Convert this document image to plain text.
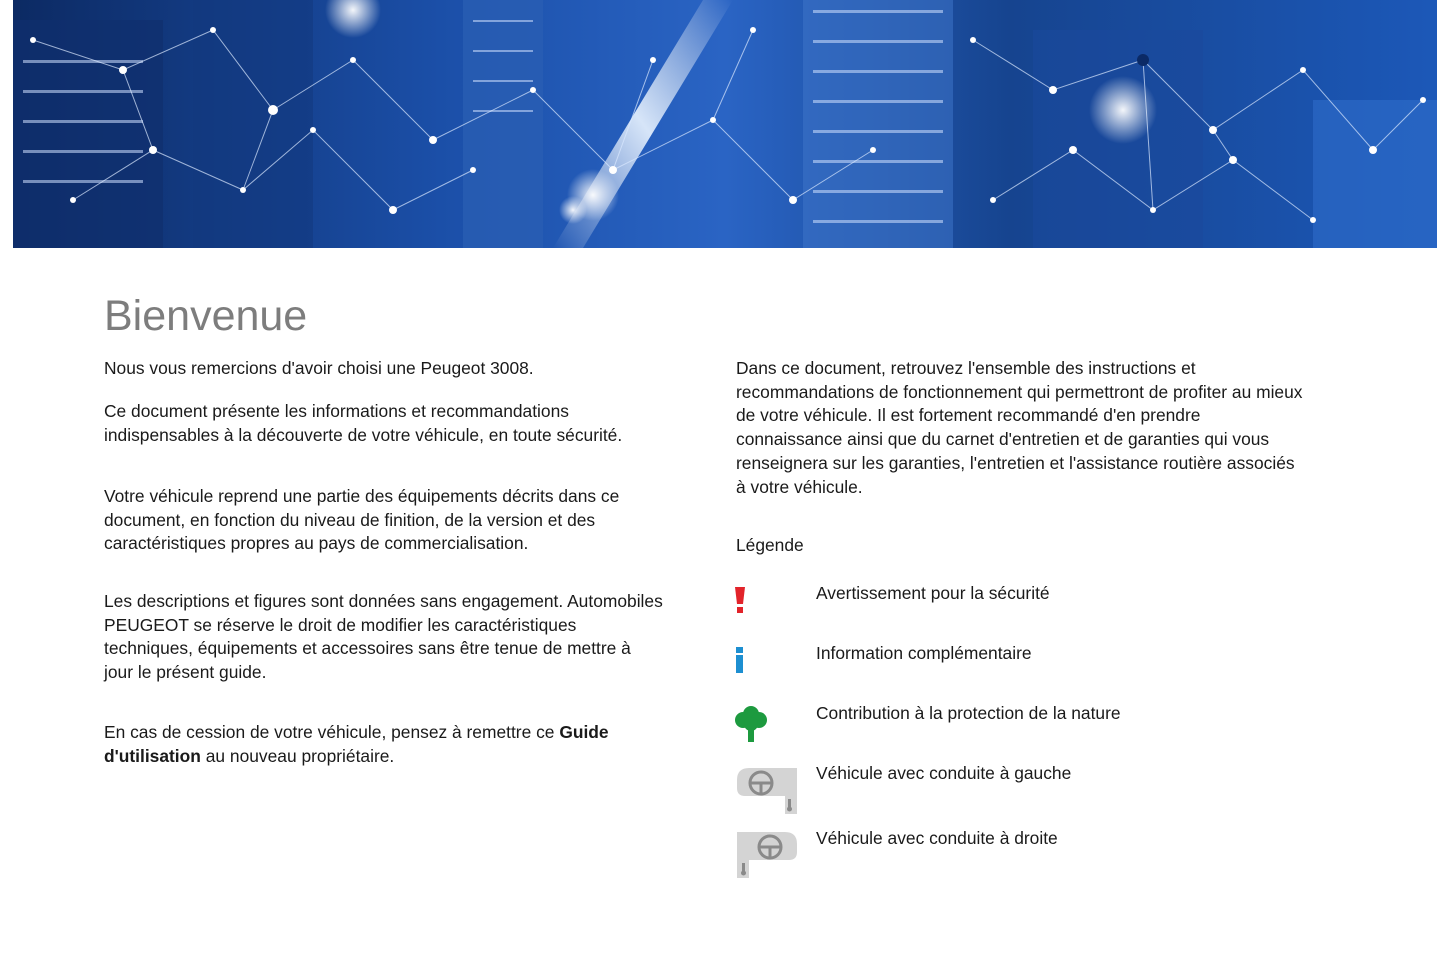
Bienvenue

Nous vous remercions d'avoir choisi une Peugeot 3008.

Ce document présente les informations et recommandations indispensables à la découverte de votre véhicule, en toute sécurité.

Votre véhicule reprend une partie des équipements décrits dans ce document, en fonction du niveau de finition, de la version et des caractéristiques propres au pays de commercialisation.

Les descriptions et figures sont données sans engagement. Automobiles PEUGEOT se réserve le droit de modifier les caractéristiques techniques, équipements et accessoires sans être tenue de mettre à jour le présent guide.

En cas de cession de votre véhicule, pensez à remettre ce Guide d'utilisation au nouveau propriétaire.

Dans ce document, retrouvez l'ensemble des instructions et recommandations de fonctionnement qui permettront de profiter au mieux de votre véhicule. Il est fortement recommandé d'en prendre connaissance ainsi que du carnet d'entretien et de garanties qui vous renseignera sur les garanties, l'entretien et l'assistance routière associés à votre véhicule.

Légende
Avertissement pour la sécurité
Information complémentaire
Contribution à la protection de la nature
Véhicule avec conduite à gauche
Véhicule avec conduite à droite
